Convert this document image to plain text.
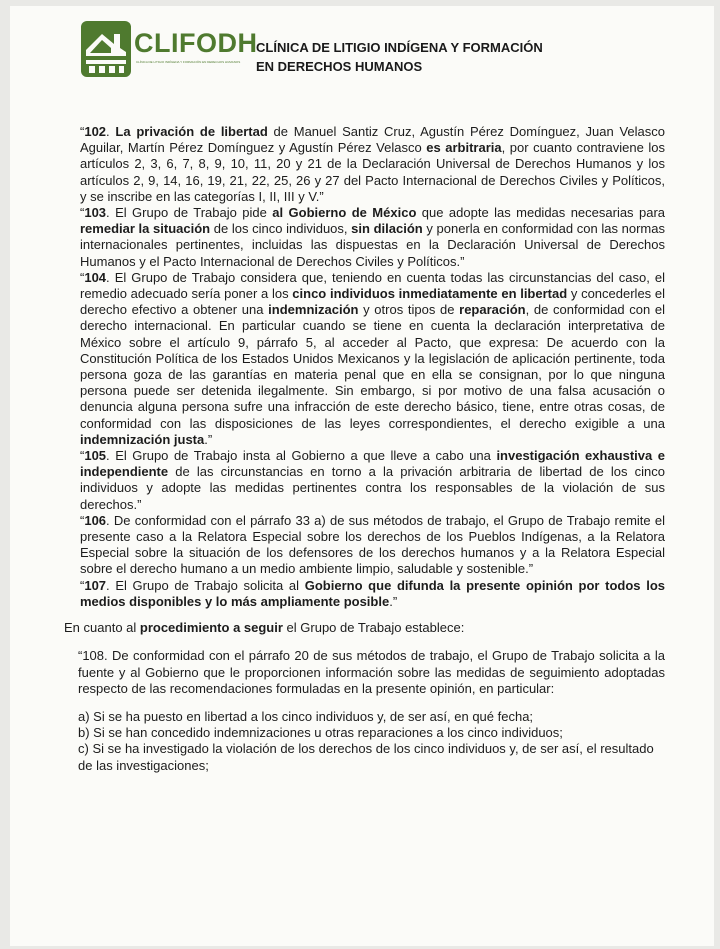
CLIFODH
CLÍNICA DE LITIGIO INDÍGENA Y FORMACIÓN EN DERECHOS HUMANOS
CLÍNICA DE LITIGIO INDÍGENA Y FORMACIÓN
EN DERECHOS HUMANOS

“102. La privación de libertad de Manuel Santiz Cruz, Agustín Pérez Domínguez, Juan Velasco Aguilar, Martín Pérez Domínguez y Agustín Pérez Velasco es arbitraria, por cuanto contraviene los artículos 2, 3, 6, 7, 8, 9, 10, 11, 20 y 21 de la Declaración Universal de Derechos Humanos y los artículos 2, 9, 14, 16, 19, 21, 22, 25, 26 y 27 del Pacto Internacional de Derechos Civiles y Políticos, y se inscribe en las categorías I, II, III y V.”

“103. El Grupo de Trabajo pide al Gobierno de México que adopte las medidas necesarias para remediar la situación de los cinco individuos, sin dilación y ponerla en conformidad con las normas internacionales pertinentes, incluidas las dispuestas en la Declaración Universal de Derechos Humanos y el Pacto Internacional de Derechos Civiles y Políticos.”

“104. El Grupo de Trabajo considera que, teniendo en cuenta todas las circunstancias del caso, el remedio adecuado sería poner a los cinco individuos inmediatamente en libertad y concederles el derecho efectivo a obtener una indemnización y otros tipos de reparación, de conformidad con el derecho internacional. En particular cuando se tiene en cuenta la declaración interpretativa de México sobre el artículo 9, párrafo 5, al acceder al Pacto, que expresa: De acuerdo con la Constitución Política de los Estados Unidos Mexicanos y la legislación de aplicación pertinente, toda persona goza de las garantías en materia penal que en ella se consignan, por lo que ninguna persona puede ser detenida ilegalmente. Sin embargo, si por motivo de una falsa acusación o denuncia alguna persona sufre una infracción de este derecho básico, tiene, entre otras cosas, de conformidad con las disposiciones de las leyes correspondientes, el derecho exigible a una indemnización justa.”

“105. El Grupo de Trabajo insta al Gobierno a que lleve a cabo una investigación exhaustiva e independiente de las circunstancias en torno a la privación arbitraria de libertad de los cinco individuos y adopte las medidas pertinentes contra los responsables de la violación de sus derechos.”

“106. De conformidad con el párrafo 33 a) de sus métodos de trabajo, el Grupo de Trabajo remite el presente caso a la Relatora Especial sobre los derechos de los Pueblos Indígenas, a la Relatora Especial sobre la situación de los defensores de los derechos humanos y a la Relatora Especial sobre el derecho humano a un medio ambiente limpio, saludable y sostenible.”

“107. El Grupo de Trabajo solicita al Gobierno que difunda la presente opinión por todos los medios disponibles y lo más ampliamente posible.”

En cuanto al procedimiento a seguir el Grupo de Trabajo establece:

“108. De conformidad con el párrafo 20 de sus métodos de trabajo, el Grupo de Trabajo solicita a la fuente y al Gobierno que le proporcionen información sobre las medidas de seguimiento adoptadas respecto de las recomendaciones formuladas en la presente opinión, en particular:

a) Si se ha puesto en libertad a los cinco individuos y, de ser así, en qué fecha;

b) Si se han concedido indemnizaciones u otras reparaciones a los cinco individuos;

c) Si se ha investigado la violación de los derechos de los cinco individuos y, de ser así, el resultado de las investigaciones;
